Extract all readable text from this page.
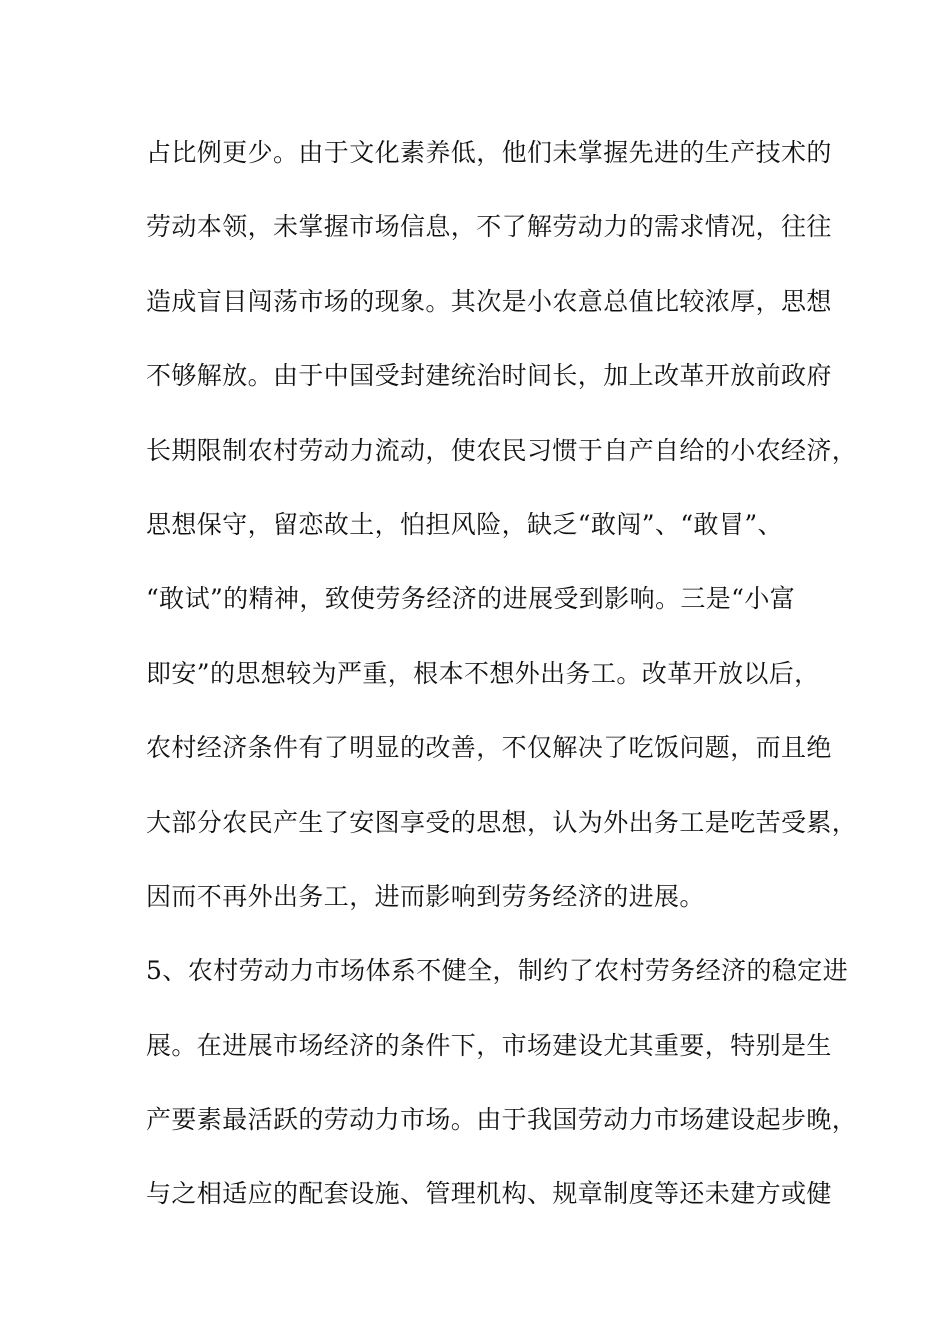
占比例更少。由于文化素养低，他们未掌握先进的生产技术的
劳动本领，未掌握市场信息，不了解劳动力的需求情况，往往
造成盲目闯荡市场的现象。其次是小农意总值比较浓厚，思想
不够解放。由于中国受封建统治时间长，加上改革开放前政府
长期限制农村劳动力流动，使农民习惯于自产自给的小农经济，
思想保守，留恋故土，怕担风险，缺乏“敢闯”、“敢冒”、
“敢试”的精神，致使劳务经济的进展受到影响。三是“小富
即安”的思想较为严重，根本不想外出务工。改革开放以后，
农村经济条件有了明显的改善，不仅解决了吃饭问题，而且绝
大部分农民产生了安图享受的思想，认为外出务工是吃苦受累，
因而不再外出务工，进而影响到劳务经济的进展。
5、农村劳动力市场体系不健全，制约了农村劳务经济的稳定进
展。在进展市场经济的条件下，市场建设尤其重要，特别是生
产要素最活跃的劳动力市场。由于我国劳动力市场建设起步晚，
与之相适应的配套设施、管理机构、规章制度等还未建方或健
